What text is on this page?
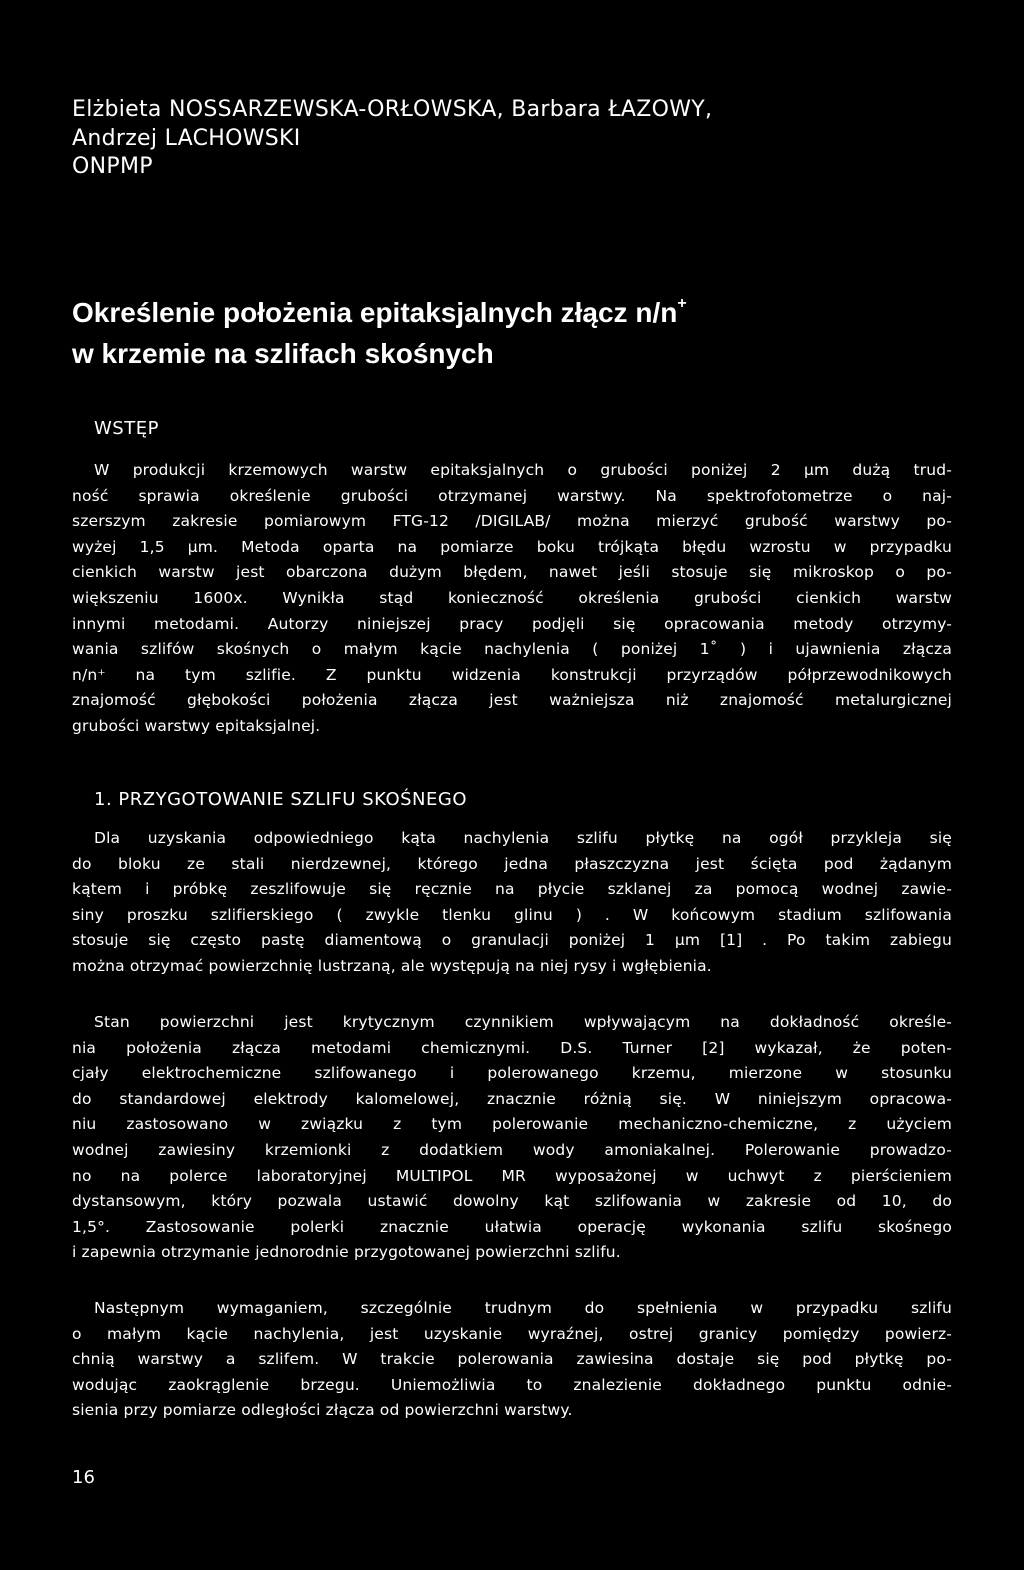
Elżbieta NOSSARZEWSKA-ORŁOWSKA, Barbara ŁAZOWY,
Andrzej LACHOWSKI
ONPMP
Określenie położenia epitaksjalnych złącz n/n+
w krzemie na szlifach skośnych
WSTĘP
W produkcji krzemowych warstw epitaksjalnych o grubości poniżej 2 µm dużą trud-
ność sprawia określenie grubości otrzymanej warstwy. Na spektrofotometrze o naj-
szerszym zakresie pomiarowym FTG-12 /DIGILAB/ można mierzyć grubość warstwy po-
wyżej 1,5 µm. Metoda oparta na pomiarze boku trójkąta błędu wzrostu w przypadku
cienkich warstw jest obarczona dużym błędem, nawet jeśli stosuje się mikroskop o po-
większeniu 1600x. Wynikła stąd konieczność określenia grubości cienkich warstw
innymi metodami. Autorzy niniejszej pracy podjęli się opracowania metody otrzymy-
wania szlifów skośnych o małym kącie nachylenia ( poniżej 1˚ ) i ujawnienia złącza
n/n⁺ na tym szlifie. Z punktu widzenia konstrukcji przyrządów półprzewodnikowych
znajomość głębokości położenia złącza jest ważniejsza niż znajomość metalurgicznej
grubości warstwy epitaksjalnej.
1. PRZYGOTOWANIE SZLIFU SKOŚNEGO
Dla uzyskania odpowiedniego kąta nachylenia szlifu płytkę na ogół przykleja się
do bloku ze stali nierdzewnej, którego jedna płaszczyzna jest ścięta pod żądanym
kątem i próbkę zeszlifowuje się ręcznie na płycie szklanej za pomocą wodnej zawie-
siny proszku szlifierskiego ( zwykle tlenku glinu ) . W końcowym stadium szlifowania
stosuje się często pastę diamentową o granulacji poniżej 1 µm [1] . Po takim zabiegu
można otrzymać powierzchnię lustrzaną, ale występują na niej rysy i wgłębienia.
Stan powierzchni jest krytycznym czynnikiem wpływającym na dokładność określe-
nia położenia złącza metodami chemicznymi. D.S. Turner [2] wykazał, że poten-
cjały elektrochemiczne szlifowanego i polerowanego krzemu, mierzone w stosunku
do standardowej elektrody kalomelowej, znacznie różnią się. W niniejszym opracowa-
niu zastosowano w związku z tym polerowanie mechaniczno-chemiczne, z użyciem
wodnej zawiesiny krzemionki z dodatkiem wody amoniakalnej. Polerowanie prowadzo-
no na polerce laboratoryjnej MULTIPOL MR wyposażonej w uchwyt z pierścieniem
dystansowym, który pozwala ustawić dowolny kąt szlifowania w zakresie od 10, do
1,5°. Zastosowanie polerki znacznie ułatwia operację wykonania szlifu skośnego
i zapewnia otrzymanie jednorodnie przygotowanej powierzchni szlifu.
Następnym wymaganiem, szczególnie trudnym do spełnienia w przypadku szlifu
o małym kącie nachylenia, jest uzyskanie wyraźnej, ostrej granicy pomiędzy powierz-
chnią warstwy a szlifem. W trakcie polerowania zawiesina dostaje się pod płytkę po-
wodując zaokrąglenie brzegu. Uniemożliwia to znalezienie dokładnego punktu odnie-
sienia przy pomiarze odległości złącza od powierzchni warstwy.
16
